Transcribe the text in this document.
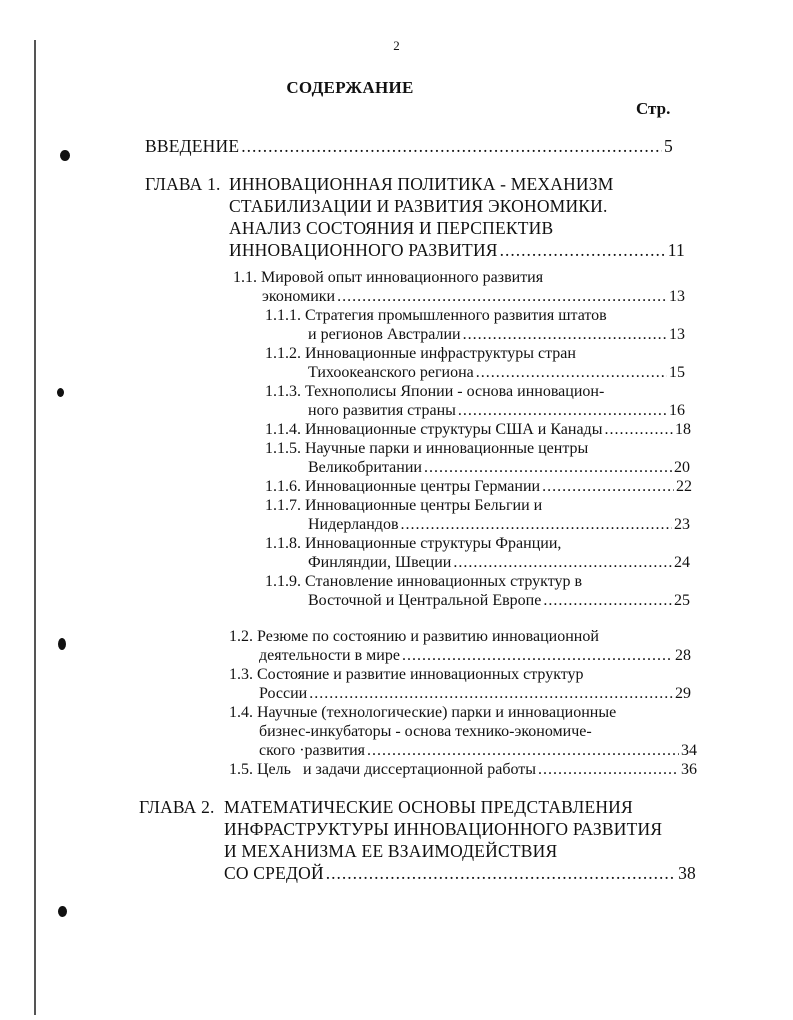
2
СОДЕРЖАНИЕ
Стр.
ВВЕДЕНИЕ .....	5
ГЛАВА 1. ИННОВАЦИОННАЯ ПОЛИТИКА - МЕХАНИЗМ
СТАБИЛИЗАЦИИ И РАЗВИТИЯ ЭКОНОМИКИ.
АНАЛИЗ СОСТОЯНИЯ И ПЕРСПЕКТИВ
ИННОВАЦИОННОГО РАЗВИТИЯ .....	11
1.1. Мировой опыт инновационного развития
экономики .....	13
1.1.1. Стратегия промышленного развития штатов
и регионов Австралии .....	13
1.1.2. Инновационные инфраструктуры стран
Тихоокеанского региона .....	15
1.1.3. Технополисы Японии - основа инновацион-
ного развития страны .....	16
1.1.4. Инновационные структуры США и Канады .....	18
1.1.5. Научные парки и инновационные центры
Великобритании .....	20
1.1.6. Инновационные центры Германии .....	22
1.1.7. Инновационные центры Бельгии и
Нидерландов .....	23
1.1.8. Инновационные структуры Франции,
Финляндии, Швеции .....	24
1.1.9. Становление инновационных структур в
Восточной и Центральной Европе .....	25
1.2. Резюме по состоянию и развитию инновационной
деятельности в мире .....	28
1.3. Состояние и развитие инновационных структур
России .....	29
1.4. Научные (технологические) парки и инновационные
бизнес-инкубаторы - основа технико-экономиче-
ского ·развития .....	34
1.5. Цель   и задачи диссертационной работы .....	36
ГЛАВА 2. МАТЕМАТИЧЕСКИЕ ОСНОВЫ ПРЕДСТАВЛЕНИЯ
ИНФРАСТРУКТУРЫ ИННОВАЦИОННОГО РАЗВИТИЯ
И МЕХАНИЗМА ЕЕ ВЗАИМОДЕЙСТВИЯ
СО СРЕДОЙ .....	38
